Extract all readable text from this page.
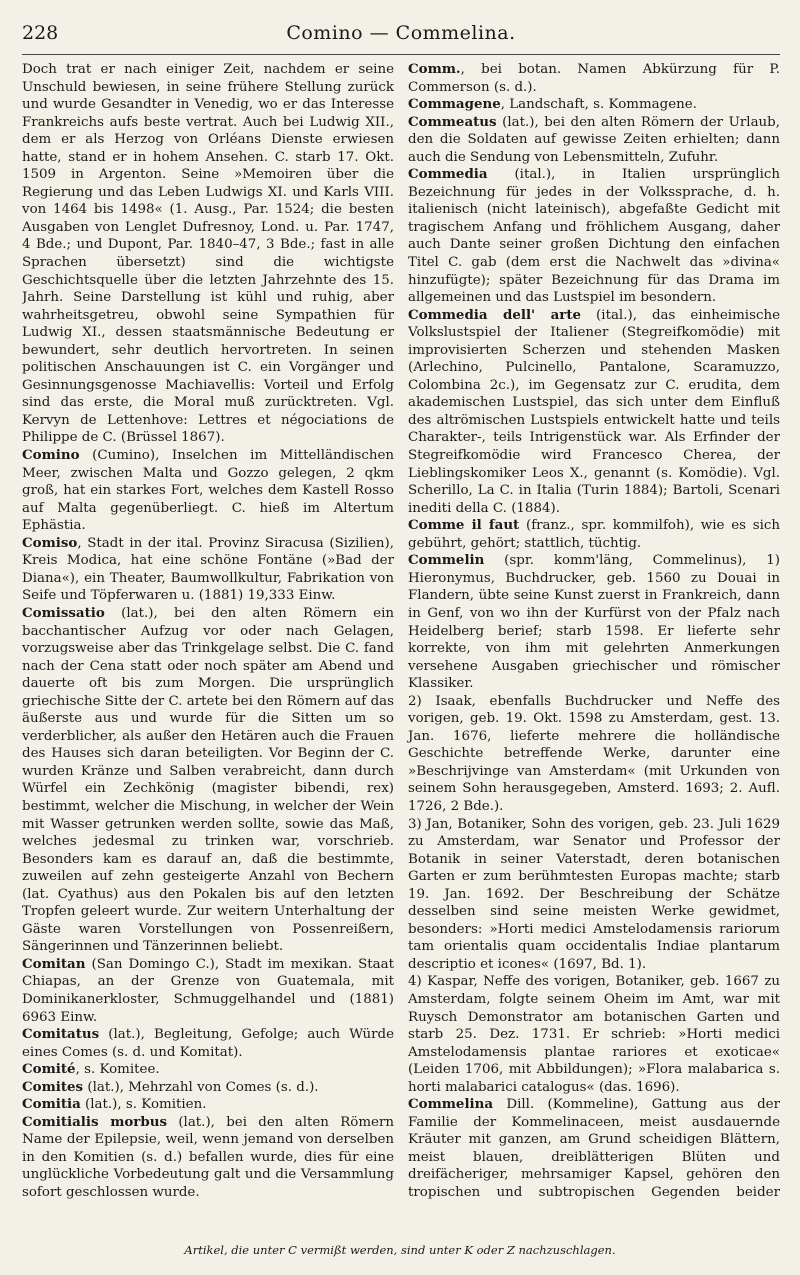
228	Comino — Commelina.

Doch trat er nach einiger Zeit, nachdem er seine Unschuld bewiesen, in seine frühere Stellung zurück und wurde Gesandter in Venedig, wo er das Interesse Frankreichs aufs beste vertrat. Auch bei Ludwig XII., dem er als Herzog von Orléans Dienste erwiesen hatte, stand er in hohem Ansehen. C. starb 17. Okt. 1509 in Argenton. Seine »Memoiren über die Regierung und das Leben Ludwigs XI. und Karls VIII. von 1464 bis 1498« (1. Ausg., Par. 1524; die besten Ausgaben von Lenglet Dufresnoy, Lond. u. Par. 1747, 4 Bde.; und Dupont, Par. 1840–47, 3 Bde.; fast in alle Sprachen übersetzt) sind die wichtigste Geschichtsquelle über die letzten Jahrzehnte des 15. Jahrh. Seine Darstellung ist kühl und ruhig, aber wahrheitsgetreu, obwohl seine Sympathien für Ludwig XI., dessen staatsmännische Bedeutung er bewundert, sehr deutlich hervortreten. In seinen politischen Anschauungen ist C. ein Vorgänger und Gesinnungsgenosse Machiavellis: Vorteil und Erfolg sind das erste, die Moral muß zurücktreten. Vgl. Kervyn de Lettenhove: Lettres et négociations de Philippe de C. (Brüssel 1867).

Comino (Cumino), Inselchen im Mittelländischen Meer, zwischen Malta und Gozzo gelegen, 2 qkm groß, hat ein starkes Fort, welches dem Kastell Rosso auf Malta gegenüberliegt. C. hieß im Altertum Ephästia.

Comiso, Stadt in der ital. Provinz Siracusa (Sizilien), Kreis Modica, hat eine schöne Fontäne (»Bad der Diana«), ein Theater, Baumwollkultur, Fabrikation von Seife und Töpferwaren u. (1881) 19,333 Einw.

Comissatio (lat.), bei den alten Römern ein bacchantischer Aufzug vor oder nach Gelagen, vorzugsweise aber das Trinkgelage selbst. Die C. fand nach der Cena statt oder noch später am Abend und dauerte oft bis zum Morgen. Die ursprünglich griechische Sitte der C. artete bei den Römern auf das äußerste aus und wurde für die Sitten um so verderblicher, als außer den Hetären auch die Frauen des Hauses sich daran beteiligten. Vor Beginn der C. wurden Kränze und Salben verabreicht, dann durch Würfel ein Zechkönig (magister bibendi, rex) bestimmt, welcher die Mischung, in welcher der Wein mit Wasser getrunken werden sollte, sowie das Maß, welches jedesmal zu trinken war, vorschrieb. Besonders kam es darauf an, daß die bestimmte, zuweilen auf zehn gesteigerte Anzahl von Bechern (lat. Cyathus) aus den Pokalen bis auf den letzten Tropfen geleert wurde. Zur weitern Unterhaltung der Gäste waren Vorstellungen von Possenreißern, Sängerinnen und Tänzerinnen beliebt.

Comitan (San Domingo C.), Stadt im mexikan. Staat Chiapas, an der Grenze von Guatemala, mit Dominikanerkloster, Schmuggelhandel und (1881) 6963 Einw.

Comitatus (lat.), Begleitung, Gefolge; auch Würde eines Comes (s. d. und Komitat).

Comité, s. Komitee.

Comites (lat.), Mehrzahl von Comes (s. d.).

Comitia (lat.), s. Komitien.

Comitialis morbus (lat.), bei den alten Römern Name der Epilepsie, weil, wenn jemand von derselben in den Komitien (s. d.) befallen wurde, dies für eine unglückliche Vorbedeutung galt und die Versammlung sofort geschlossen wurde.

Comm., bei botan. Namen Abkürzung für P. Commerson (s. d.).

Commagene, Landschaft, s. Kommagene.

Commeatus (lat.), bei den alten Römern der Urlaub, den die Soldaten auf gewisse Zeiten erhielten; dann auch die Sendung von Lebensmitteln, Zufuhr.

Commedia (ital.), in Italien ursprünglich Bezeichnung für jedes in der Volkssprache, d. h. italienisch (nicht lateinisch), abgefaßte Gedicht mit tragischem Anfang und fröhlichem Ausgang, daher auch Dante seiner großen Dichtung den einfachen Titel C. gab (dem erst die Nachwelt das »divina« hinzufügte); später Bezeichnung für das Drama im allgemeinen und das Lustspiel im besondern.

Commedia dell' arte (ital.), das einheimische Volkslustspiel der Italiener (Stegreifkomödie) mit improvisierten Scherzen und stehenden Masken (Arlechino, Pulcinello, Pantalone, Scaramuzzo, Colombina 2c.), im Gegensatz zur C. erudita, dem akademischen Lustspiel, das sich unter dem Einfluß des altrömischen Lustspiels entwickelt hatte und teils Charakter-, teils Intrigenstück war. Als Erfinder der Stegreifkomödie wird Francesco Cherea, der Lieblingskomiker Leos X., genannt (s. Komödie). Vgl. Scherillo, La C. in Italia (Turin 1884); Bartoli, Scenari inediti della C. (1884).

Comme il faut (franz., spr. kommilfoh), wie es sich gebührt, gehört; stattlich, tüchtig.

Commelin (spr. komm'läng, Commelinus), 1) Hieronymus, Buchdrucker, geb. 1560 zu Douai in Flandern, übte seine Kunst zuerst in Frankreich, dann in Genf, von wo ihn der Kurfürst von der Pfalz nach Heidelberg berief; starb 1598. Er lieferte sehr korrekte, von ihm mit gelehrten Anmerkungen versehene Ausgaben griechischer und römischer Klassiker.

2) Isaak, ebenfalls Buchdrucker und Neffe des vorigen, geb. 19. Okt. 1598 zu Amsterdam, gest. 13. Jan. 1676, lieferte mehrere die holländische Geschichte betreffende Werke, darunter eine »Beschrijvinge van Amsterdam« (mit Urkunden von seinem Sohn herausgegeben, Amsterd. 1693; 2. Aufl. 1726, 2 Bde.).

3) Jan, Botaniker, Sohn des vorigen, geb. 23. Juli 1629 zu Amsterdam, war Senator und Professor der Botanik in seiner Vaterstadt, deren botanischen Garten er zum berühmtesten Europas machte; starb 19. Jan. 1692. Der Beschreibung der Schätze desselben sind seine meisten Werke gewidmet, besonders: »Horti medici Amstelodamensis rariorum tam orientalis quam occidentalis Indiae plantarum descriptio et icones« (1697, Bd. 1).

4) Kaspar, Neffe des vorigen, Botaniker, geb. 1667 zu Amsterdam, folgte seinem Oheim im Amt, war mit Ruysch Demonstrator am botanischen Garten und starb 25. Dez. 1731. Er schrieb: »Horti medici Amstelodamensis plantae rariores et exoticae« (Leiden 1706, mit Abbildungen); »Flora malabarica s. horti malabarici catalogus« (das. 1696).

Commelina Dill. (Kommeline), Gattung aus der Familie der Kommelinaceen, meist ausdauernde Kräuter mit ganzen, am Grund scheidigen Blättern, meist blauen, dreiblätterigen Blüten und dreifächeriger, mehrsamiger Kapsel, gehören den tropischen und subtropischen Gegenden beider

Artikel, die unter C vermißt werden, sind unter K oder Z nachzuschlagen.
